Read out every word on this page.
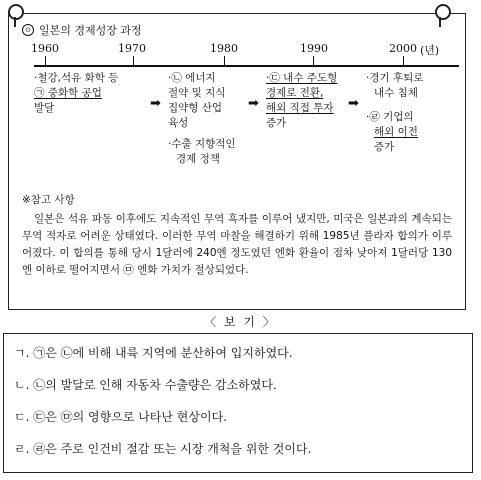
⊙ 일본의 경제성장 과정
1960	1970	1980	1990	2000 (년)
·철강,석유 화학 등
㉠ 중화학 공업
발달	➡
·㉡ 에너지
절약 및 지식
집약형 산업
육성
·수출 지향적인
경제 정책
➡
·㉢ 내수 주도형
경제로 전환,
해외 직접 투자
증가
➡
·경기 후퇴로
내수 침체
·㉣ 기업의
해외 이전
증가
※참고 사항

일본은 석유 파동 이후에도 지속적인 무역 흑자를 이루어 냈지만, 미국은 일본과의 계속되는 무역 적자로 어려운 상태였다. 이러한 무역 마찰을 해결하기 위해 1985년 플라자 합의가 이루어졌다. 이 합의를 통해 당시 1달러에 240엔 정도였던 엔화 환율이 점차 낮아져 1달러당 130엔 이하로 떨어지면서 ㉤ 엔화 가치가 절상되었다.

〈 보 기 〉
ㄱ. ㉠은 ㉡에 비해 내륙 지역에 분산하여 입지하였다.
ㄴ. ㉡의 발달로 인해 자동차 수출량은 감소하였다.
ㄷ. ㉢은 ㉤의 영향으로 나타난 현상이다.
ㄹ. ㉣은 주로 인건비 절감 또는 시장 개척을 위한 것이다.
